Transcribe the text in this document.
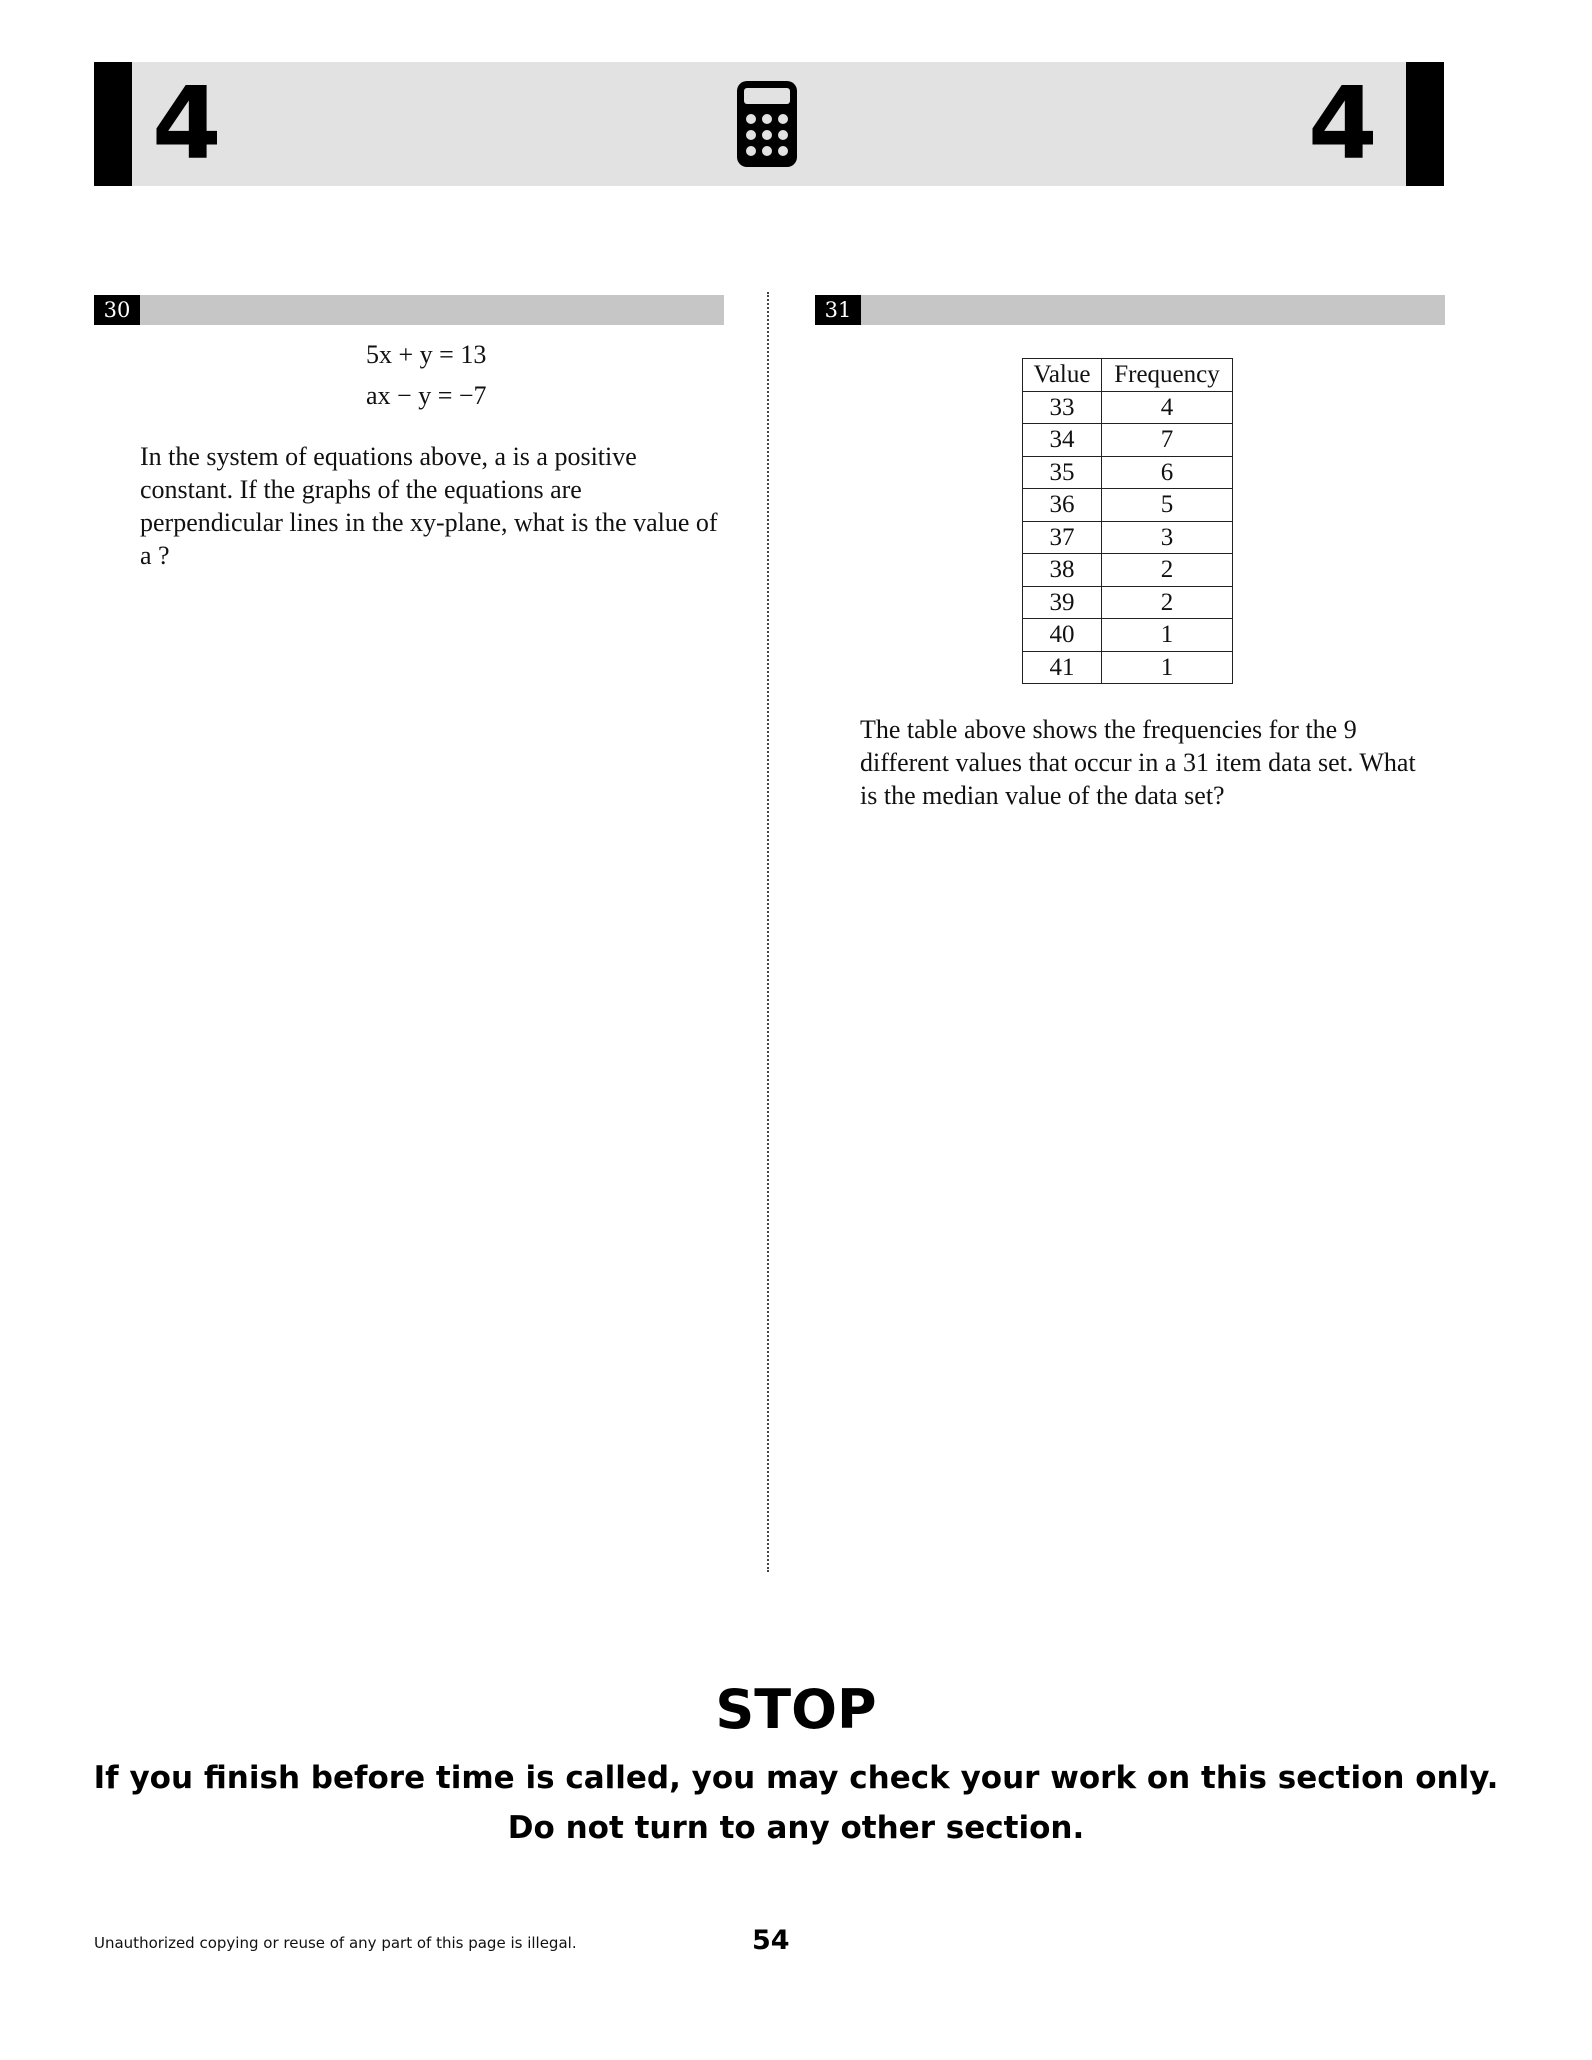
4	4
30
5x + y = 13
ax − y = −7
In the system of equations above, a is a positive constant. If the graphs of the equations are perpendicular lines in the xy-plane, what is the value of a ?
31
Value	Frequency
33	4
34	7
35	6
36	5
37	3
38	2
39	2
40	1
41	1
The table above shows the frequencies for the 9 different values that occur in a 31 item data set. What is the median value of the data set?
STOP
If you finish before time is called, you may check your work on this section only.
Do not turn to any other section.
Unauthorized copying or reuse of any part of this page is illegal.	54
